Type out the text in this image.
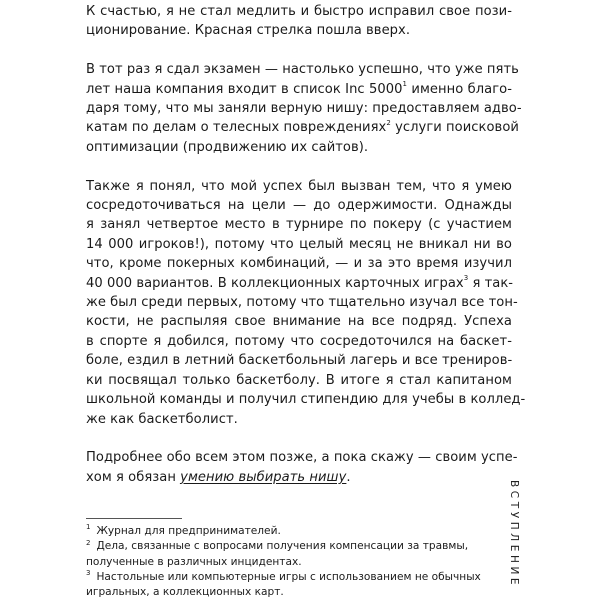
К счастью, я не стал медлить и быстро исправил свое пози-
ционирование. Красная стрелка пошла вверх.
В тот раз я сдал экзамен — настолько успешно, что уже пять
лет наша компания входит в список Inc 5000$^1$ именно благо-
даря тому, что мы заняли верную нишу: предоставляем адво-
катам по делам о телесных повреждениях$^2$ услуги поисковой
оптимизации (продвижению их сайтов).
Также я понял, что мой успех был вызван тем, что я умею
сосредоточиваться на цели — до одержимости. Однажды
я занял четвертое место в турнире по покеру (с участием
14 000 игроков!), потому что целый месяц не вникал ни во
что, кроме покерных комбинаций, — и за это время изучил
40 000 вариантов. В коллекционных карточных играх$^3$ я так-
же был среди первых, потому что тщательно изучал все тон-
кости, не распыляя свое внимание на все подряд. Успеха
в спорте я добился, потому что сосредоточился на баскет-
боле, ездил в летний баскетбольный лагерь и все трениров-
ки посвящал только баскетболу. В итоге я стал капитаном
школьной команды и получил стипендию для учебы в коллед-
же как баскетболист.
Подробнее обо всем этом позже, а пока скажу — своим успе-
хом я обязан умению выбирать нишу.
$^1$ Журнал для предпринимателей.
$^2$ Дела, связанные с вопросами получения компенсации за травмы,
полученные в различных инцидентах.
$^3$ Настольные или компьютерные игры с использованием не обычных
игральных, а коллекционных карт.
ВСТУПЛЕНИЕ
